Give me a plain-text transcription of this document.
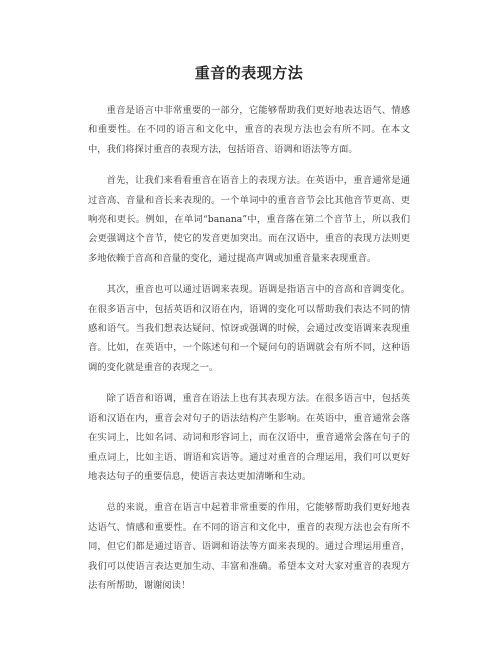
重音的表现方法

重音是语言中非常重要的一部分，它能够帮助我们更好地表达语气、情感和重要性。在不同的语言和文化中，重音的表现方法也会有所不同。在本文中，我们将探讨重音的表现方法，包括语音、语调和语法等方面。

首先，让我们来看看重音在语音上的表现方法。在英语中，重音通常是通过音高、音量和音长来表现的。一个单词中的重音音节会比其他音节更高、更响亮和更长。例如，在单词“banana”中，重音落在第二个音节上，所以我们会更强调这个音节，使它的发音更加突出。而在汉语中，重音的表现方法则更多地依赖于音高和音量的变化，通过提高声调或加重音量来表现重音。

其次，重音也可以通过语调来表现。语调是指语言中的音高和音调变化。在很多语言中，包括英语和汉语在内，语调的变化可以帮助我们表达不同的情感和语气。当我们想表达疑问、惊讶或强调的时候，会通过改变语调来表现重音。比如，在英语中，一个陈述句和一个疑问句的语调就会有所不同，这种语调的变化就是重音的表现之一。

除了语音和语调，重音在语法上也有其表现方法。在很多语言中，包括英语和汉语在内，重音会对句子的语法结构产生影响。在英语中，重音通常会落在实词上，比如名词、动词和形容词上，而在汉语中，重音通常会落在句子的重点词上，比如主语、谓语和宾语等。通过对重音的合理运用，我们可以更好地表达句子的重要信息，使语言表达更加清晰和生动。

总的来说，重音在语言中起着非常重要的作用，它能够帮助我们更好地表达语气、情感和重要性。在不同的语言和文化中，重音的表现方法也会有所不同，但它们都是通过语音、语调和语法等方面来表现的。通过合理运用重音，我们可以使语言表达更加生动、丰富和准确。希望本文对大家对重音的表现方法有所帮助，谢谢阅读！
